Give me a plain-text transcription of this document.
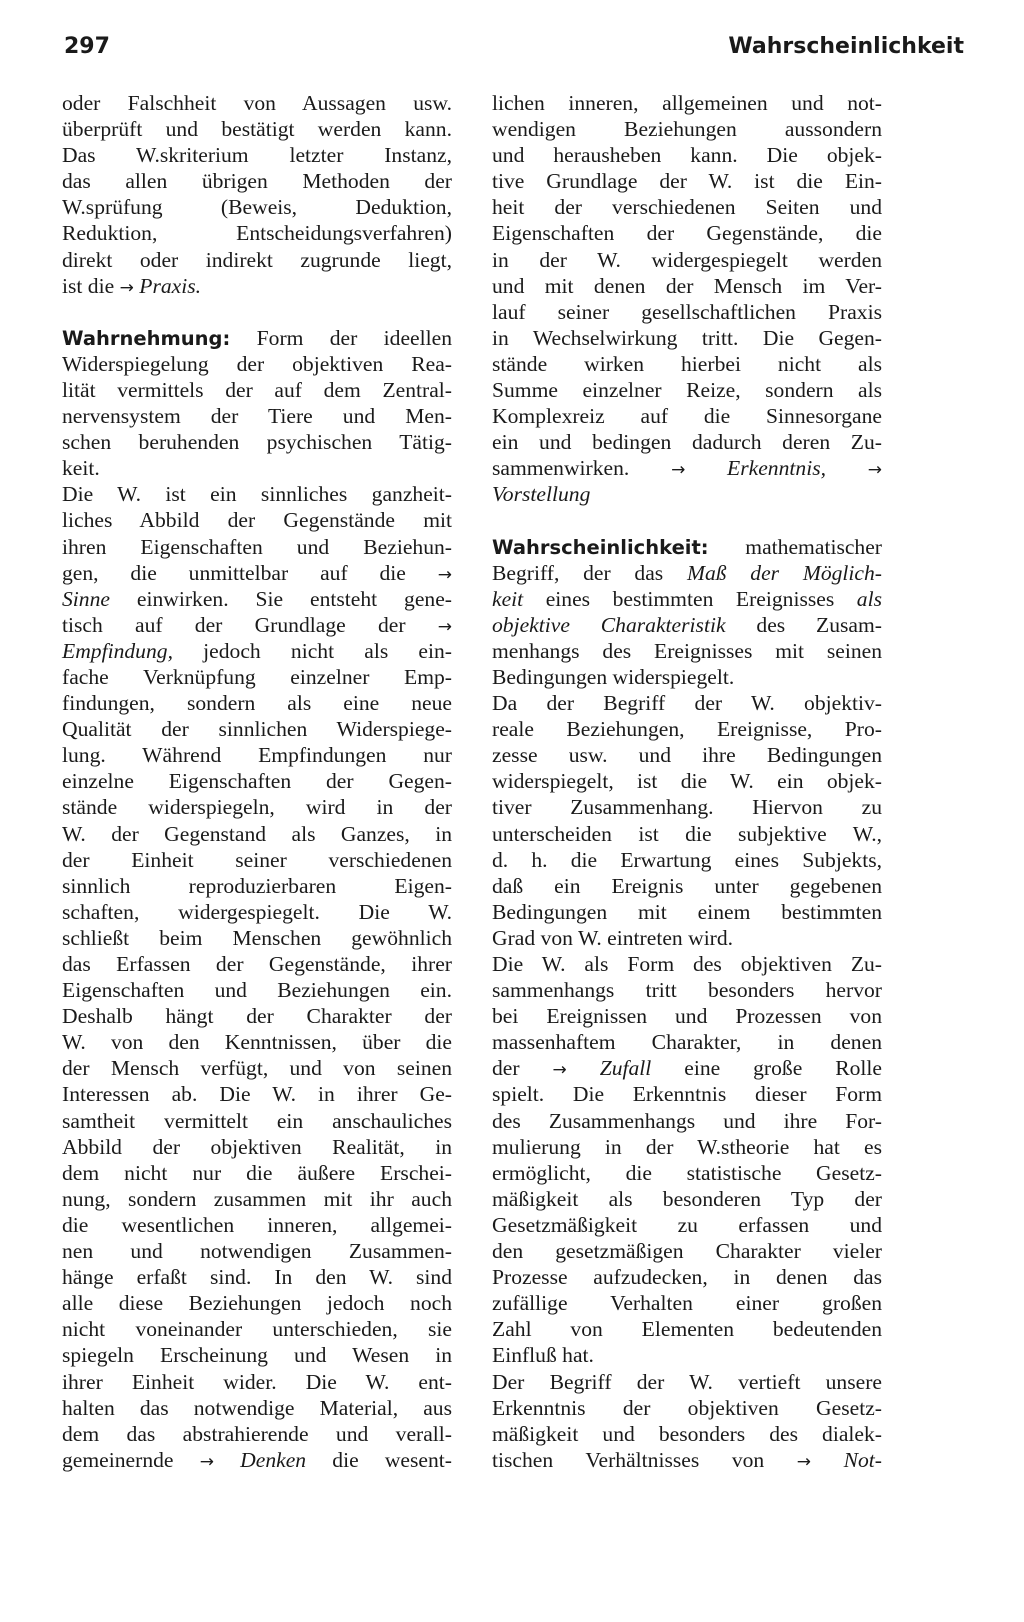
297	Wahrscheinlichkeit
oder Falschheit von Aussagen usw.
überprüft und bestätigt werden kann.
Das W.skriterium letzter Instanz,
das allen übrigen Methoden der
W.sprüfung (Beweis, Deduktion,
Reduktion, Entscheidungsverfahren)
direkt oder indirekt zugrunde liegt,
ist die → Praxis.
Wahrnehmung: Form der ideellen
Widerspiegelung der objektiven Rea-
lität vermittels der auf dem Zentral-
nervensystem der Tiere und Men-
schen beruhenden psychischen Tätig-
keit.
Die W. ist ein sinnliches ganzheit-
liches Abbild der Gegenstände mit
ihren Eigenschaften und Beziehun-
gen, die unmittelbar auf die →
Sinne einwirken. Sie entsteht gene-
tisch auf der Grundlage der →
Empfindung, jedoch nicht als ein-
fache Verknüpfung einzelner Emp-
findungen, sondern als eine neue
Qualität der sinnlichen Widerspiege-
lung. Während Empfindungen nur
einzelne Eigenschaften der Gegen-
stände widerspiegeln, wird in der
W. der Gegenstand als Ganzes, in
der Einheit seiner verschiedenen
sinnlich reproduzierbaren Eigen-
schaften, widergespiegelt. Die W.
schließt beim Menschen gewöhnlich
das Erfassen der Gegenstände, ihrer
Eigenschaften und Beziehungen ein.
Deshalb hängt der Charakter der
W. von den Kenntnissen, über die
der Mensch verfügt, und von seinen
Interessen ab. Die W. in ihrer Ge-
samtheit vermittelt ein anschauliches
Abbild der objektiven Realität, in
dem nicht nur die äußere Erschei-
nung, sondern zusammen mit ihr auch
die wesentlichen inneren, allgemei-
nen und notwendigen Zusammen-
hänge erfaßt sind. In den W. sind
alle diese Beziehungen jedoch noch
nicht voneinander unterschieden, sie
spiegeln Erscheinung und Wesen in
ihrer Einheit wider. Die W. ent-
halten das notwendige Material, aus
dem das abstrahierende und verall-
gemeinernde → Denken die wesent-
lichen inneren, allgemeinen und not-
wendigen Beziehungen aussondern
und herausheben kann. Die objek-
tive Grundlage der W. ist die Ein-
heit der verschiedenen Seiten und
Eigenschaften der Gegenstände, die
in der W. widergespiegelt werden
und mit denen der Mensch im Ver-
lauf seiner gesellschaftlichen Praxis
in Wechselwirkung tritt. Die Gegen-
stände wirken hierbei nicht als
Summe einzelner Reize, sondern als
Komplexreiz auf die Sinnesorgane
ein und bedingen dadurch deren Zu-
sammenwirken. → Erkenntnis, →
Vorstellung
Wahrscheinlichkeit: mathematischer
Begriff, der das Maß der Möglich-
keit eines bestimmten Ereignisses als
objektive Charakteristik des Zusam-
menhangs des Ereignisses mit seinen
Bedingungen widerspiegelt.
Da der Begriff der W. objektiv-
reale Beziehungen, Ereignisse, Pro-
zesse usw. und ihre Bedingungen
widerspiegelt, ist die W. ein objek-
tiver Zusammenhang. Hiervon zu
unterscheiden ist die subjektive W.,
d. h. die Erwartung eines Subjekts,
daß ein Ereignis unter gegebenen
Bedingungen mit einem bestimmten
Grad von W. eintreten wird.
Die W. als Form des objektiven Zu-
sammenhangs tritt besonders hervor
bei Ereignissen und Prozessen von
massenhaftem Charakter, in denen
der → Zufall eine große Rolle
spielt. Die Erkenntnis dieser Form
des Zusammenhangs und ihre For-
mulierung in der W.stheorie hat es
ermöglicht, die statistische Gesetz-
mäßigkeit als besonderen Typ der
Gesetzmäßigkeit zu erfassen und
den gesetzmäßigen Charakter vieler
Prozesse aufzudecken, in denen das
zufällige Verhalten einer großen
Zahl von Elementen bedeutenden
Einfluß hat.
Der Begriff der W. vertieft unsere
Erkenntnis der objektiven Gesetz-
mäßigkeit und besonders des dialek-
tischen Verhältnisses von → Not-
